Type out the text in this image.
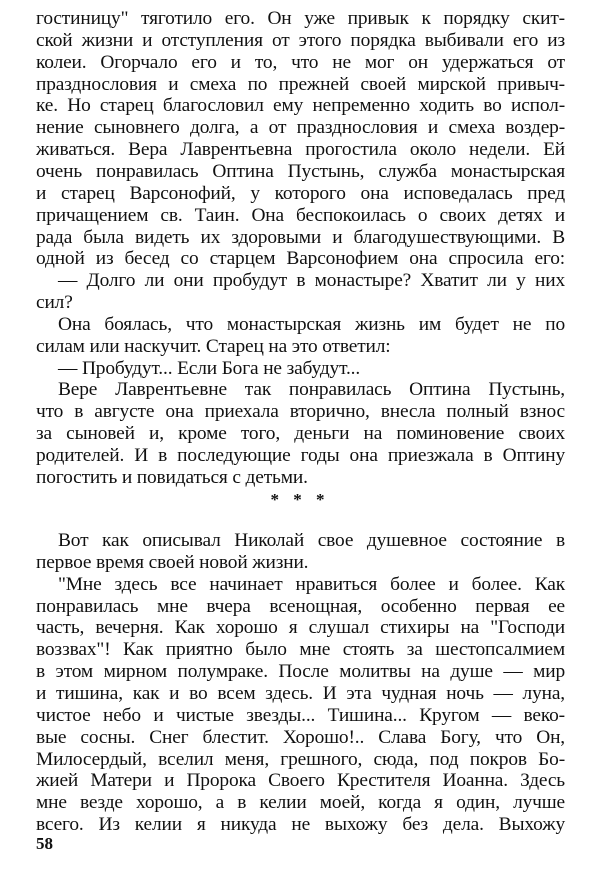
гостиницу" тяготило его. Он уже привык к порядку скит-
ской жизни и отступления от этого порядка выбивали его из
колеи. Огорчало его и то, что не мог он удержаться от
празднословия и смеха по прежней своей мирской привыч-
ке. Но старец благословил ему непременно ходить во испол-
нение сыновнего долга, а от празднословия и смеха воздер-
живаться. Вера Лаврентьевна прогостила около недели. Ей
очень понравилась Оптина Пустынь, служба монастырская
и старец Варсонофий, у которого она исповедалась пред
причащением св. Таин. Она беспокоилась о своих детях и
рада была видеть их здоровыми и благодушествующими. В
одной из бесед со старцем Варсонофием она спросила его:
— Долго ли они пробудут в монастыре? Хватит ли у них
сил?
Она боялась, что монастырская жизнь им будет не по
силам или наскучит. Старец на это ответил:
— Пробудут... Если Бога не забудут...
Вере Лаврентьевне так понравилась Оптина Пустынь,
что в августе она приехала вторично, внесла полный взнос
за сыновей и, кроме того, деньги на поминовение своих
родителей. И в последующие годы она приезжала в Оптину
погостить и повидаться с детьми.
* * *
Вот как описывал Николай свое душевное состояние в
первое время своей новой жизни.
"Мне здесь все начинает нравиться более и более. Как
понравилась мне вчера всенощная, особенно первая ее
часть, вечерня. Как хорошо я слушал стихиры на "Господи
воззвах"! Как приятно было мне стоять за шестопсалмием
в этом мирном полумраке. После молитвы на душе — мир
и тишина, как и во всем здесь. И эта чудная ночь — луна,
чистое небо и чистые звезды... Тишина... Кругом — веко-
вые сосны. Снег блестит. Хорошо!.. Слава Богу, что Он,
Милосердый, вселил меня, грешного, сюда, под покров Бо-
жией Матери и Пророка Своего Крестителя Иоанна. Здесь
мне везде хорошо, а в келии моей, когда я один, лучше
всего. Из келии я никуда не выхожу без дела. Выхожу
58
